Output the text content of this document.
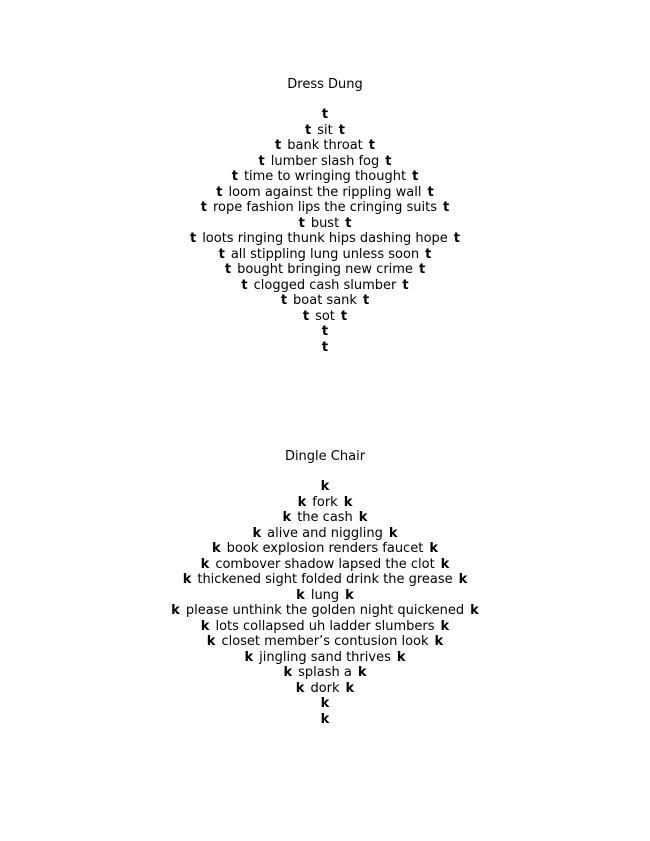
Dress Dung
t
t sit t
t bank throat t
t lumber slash fog t
t time to wringing thought t
t loom against the rippling wall t
t rope fashion lips the cringing suits t
t bust t
t loots ringing thunk hips dashing hope t
t all stippling lung unless soon t
t bought bringing new crime t
t clogged cash slumber t
t boat sank t
t sot t
t
t
Dingle Chair
k
k fork k
k the cash k
k alive and niggling k
k book explosion renders faucet k
k combover shadow lapsed the clot k
k thickened sight folded drink the grease k
k lung k
k please unthink the golden night quickened k
k lots collapsed uh ladder slumbers k
k closet member’s contusion look k
k jingling sand thrives k
k splash a k
k dork k
k
k
